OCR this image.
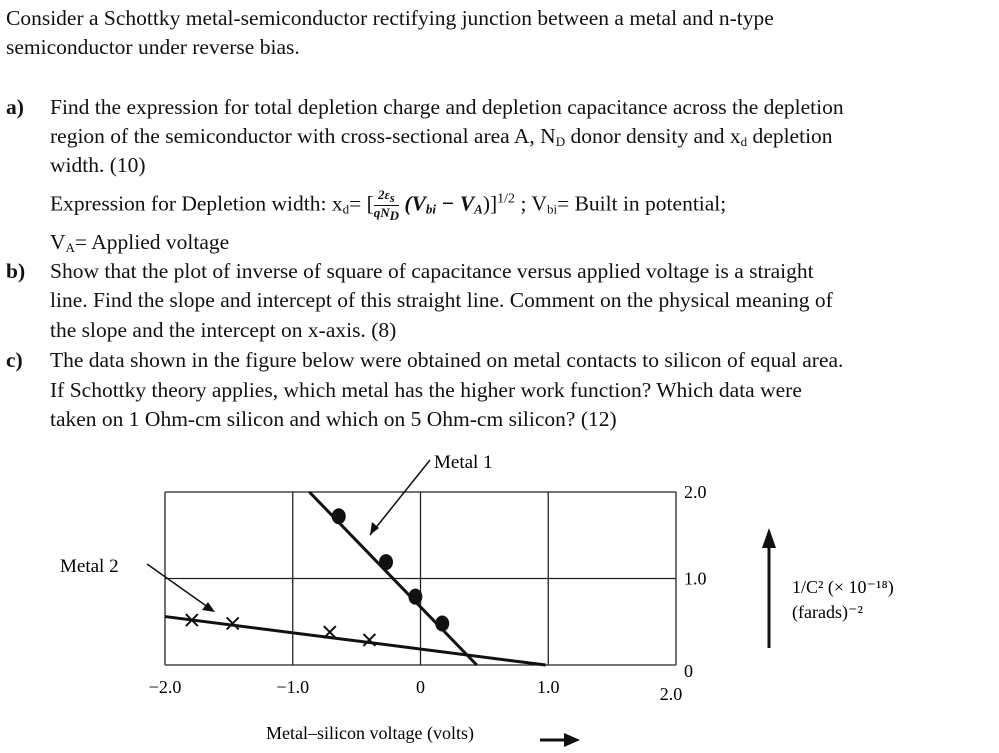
Consider a Schottky metal-semiconductor rectifying junction between a metal and n-type
semiconductor under reverse bias.
a) Find the expression for total depletion charge and depletion capacitance across the depletion
region of the semiconductor with cross-sectional area A, $N_D$ donor density and $x_d$ depletion
width. (10)
Expression for Depletion width: $x_d=$ [ $\frac{2\varepsilon_s}{qN_D} (V_{bi} - V_A)]^{1/2}$ ; $V_{bi}=$ Built in potential;
$V_A=$ Applied voltage
b) Show that the plot of inverse of square of capacitance versus applied voltage is a straight
line. Find the slope and intercept of this straight line. Comment on the physical meaning of
the slope and the intercept on x-axis. (8)
c) The data shown in the figure below were obtained on metal contacts to silicon of equal area.
If Schottky theory applies, which metal has the higher work function? Which data were
taken on 1 Ohm-cm silicon and which on 5 Ohm-cm silicon? (12)
−2.0	−1.0	0	1.0	2.0
0
1.0
2.0
Metal 1
Metal 2
Metal–silicon voltage (volts)
1/C² (× 10⁻¹⁸)
(farads)⁻²
